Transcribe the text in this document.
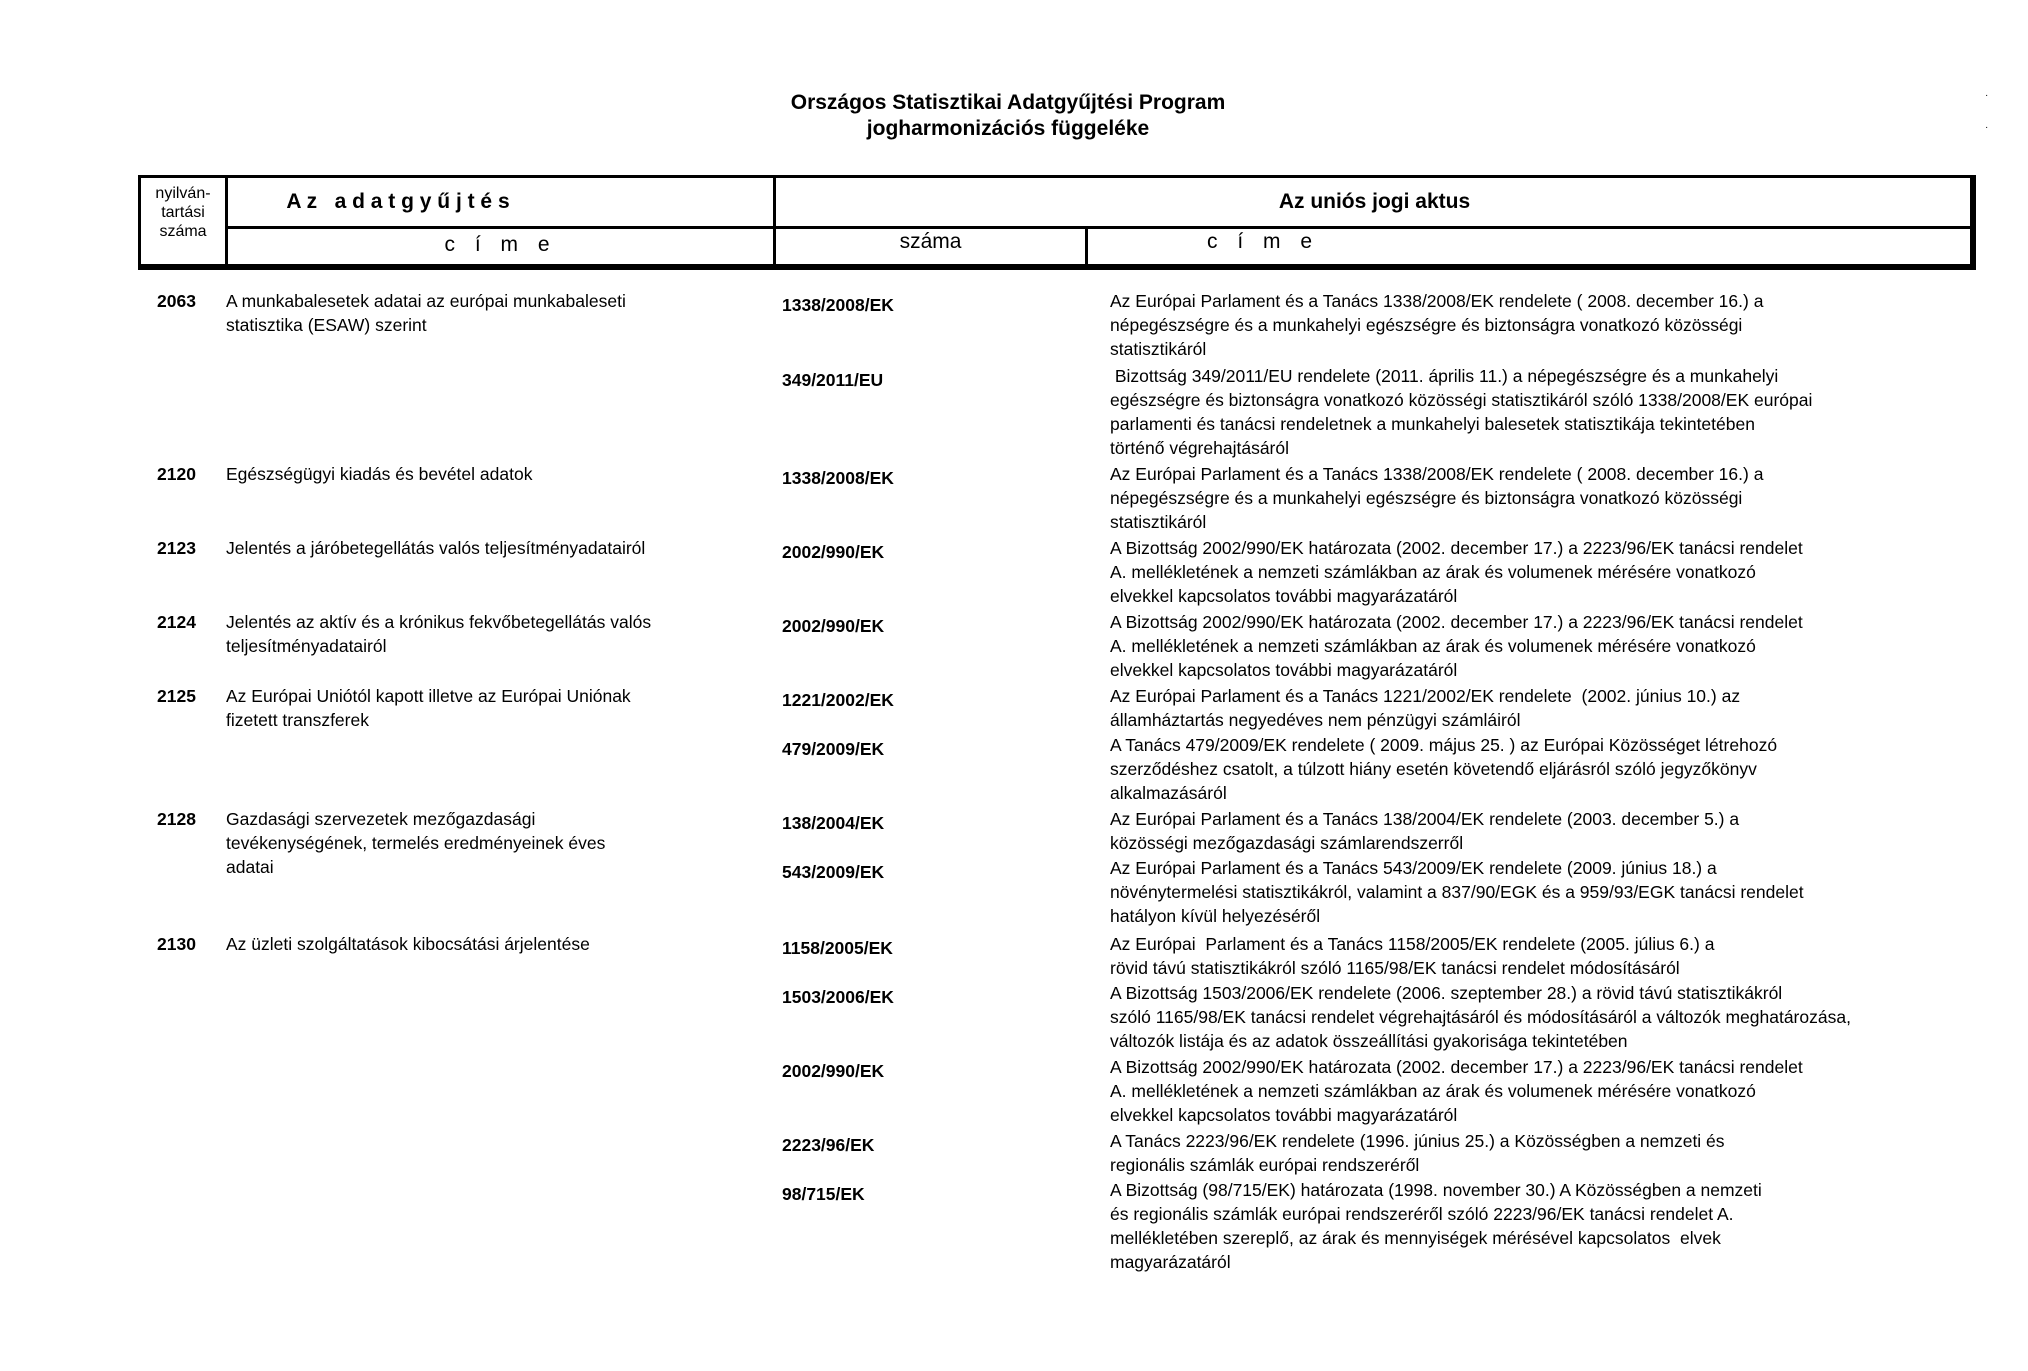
Országos Statisztikai Adatgyűjtési Program
jogharmonizációs függeléke
·
·
nyilván-
tartási
száma
A z   a d a t g y ű j t é s
c í m e
Az uniós jogi aktus
száma	c í m e
2063 A munkabalesetek adatai az európai munkabaleseti
statisztika (ESAW) szerint
1338/2008/EK	Az Európai Parlament és a Tanács 1338/2008/EK rendelete ( 2008. december 16.) a
népegészségre és a munkahelyi egészségre és biztonságra vonatkozó közösségi
statisztikáról
349/2011/EU	Bizottság 349/2011/EU rendelete (2011. április 11.) a népegészségre és a munkahelyi
egészségre és biztonságra vonatkozó közösségi statisztikáról szóló 1338/2008/EK európai
parlamenti és tanácsi rendeletnek a munkahelyi balesetek statisztikája tekintetében
történő végrehajtásáról
2120 Egészségügyi kiadás és bevétel adatok	1338/2008/EK	Az Európai Parlament és a Tanács 1338/2008/EK rendelete ( 2008. december 16.) a
népegészségre és a munkahelyi egészségre és biztonságra vonatkozó közösségi
statisztikáról
2123 Jelentés a járóbetegellátás valós teljesítményadatairól	2002/990/EK	A Bizottság 2002/990/EK határozata (2002. december 17.) a 2223/96/EK tanácsi rendelet
A. mellékletének a nemzeti számlákban az árak és volumenek mérésére vonatkozó
elvekkel kapcsolatos további magyarázatáról
2124 Jelentés az aktív és a krónikus fekvőbetegellátás valós
teljesítményadatairól
2002/990/EK	A Bizottság 2002/990/EK határozata (2002. december 17.) a 2223/96/EK tanácsi rendelet
A. mellékletének a nemzeti számlákban az árak és volumenek mérésére vonatkozó
elvekkel kapcsolatos további magyarázatáról
2125 Az Európai Uniótól kapott illetve az Európai Uniónak
fizetett transzferek
1221/2002/EK	Az Európai Parlament és a Tanács 1221/2002/EK rendelete  (2002. június 10.) az
államháztartás negyedéves nem pénzügyi számláiról
479/2009/EK	A Tanács 479/2009/EK rendelete ( 2009. május 25. ) az Európai Közösséget létrehozó
szerződéshez csatolt, a túlzott hiány esetén követendő eljárásról szóló jegyzőkönyv
alkalmazásáról
2128 Gazdasági szervezetek mezőgazdasági
tevékenységének, termelés eredményeinek éves
adatai
138/2004/EK	Az Európai Parlament és a Tanács 138/2004/EK rendelete (2003. december 5.) a
közösségi mezőgazdasági számlarendszerről
543/2009/EK	Az Európai Parlament és a Tanács 543/2009/EK rendelete (2009. június 18.) a
növénytermelési statisztikákról, valamint a 837/90/EGK és a 959/93/EGK tanácsi rendelet
hatályon kívül helyezéséről
2130 Az üzleti szolgáltatások kibocsátási árjelentése	1158/2005/EK	Az Európai  Parlament és a Tanács 1158/2005/EK rendelete (2005. július 6.) a
rövid távú statisztikákról szóló 1165/98/EK tanácsi rendelet módosításáról
1503/2006/EK	A Bizottság 1503/2006/EK rendelete (2006. szeptember 28.) a rövid távú statisztikákról
szóló 1165/98/EK tanácsi rendelet végrehajtásáról és módosításáról a változók meghatározása,
változók listája és az adatok összeállítási gyakorisága tekintetében
2002/990/EK	A Bizottság 2002/990/EK határozata (2002. december 17.) a 2223/96/EK tanácsi rendelet
A. mellékletének a nemzeti számlákban az árak és volumenek mérésére vonatkozó
elvekkel kapcsolatos további magyarázatáról
2223/96/EK	A Tanács 2223/96/EK rendelete (1996. június 25.) a Közösségben a nemzeti és
regionális számlák európai rendszeréről
98/715/EK	A Bizottság (98/715/EK) határozata (1998. november 30.) A Közösségben a nemzeti
és regionális számlák európai rendszeréről szóló 2223/96/EK tanácsi rendelet A.
mellékletében szereplő, az árak és mennyiségek mérésével kapcsolatos  elvek
magyarázatáról
